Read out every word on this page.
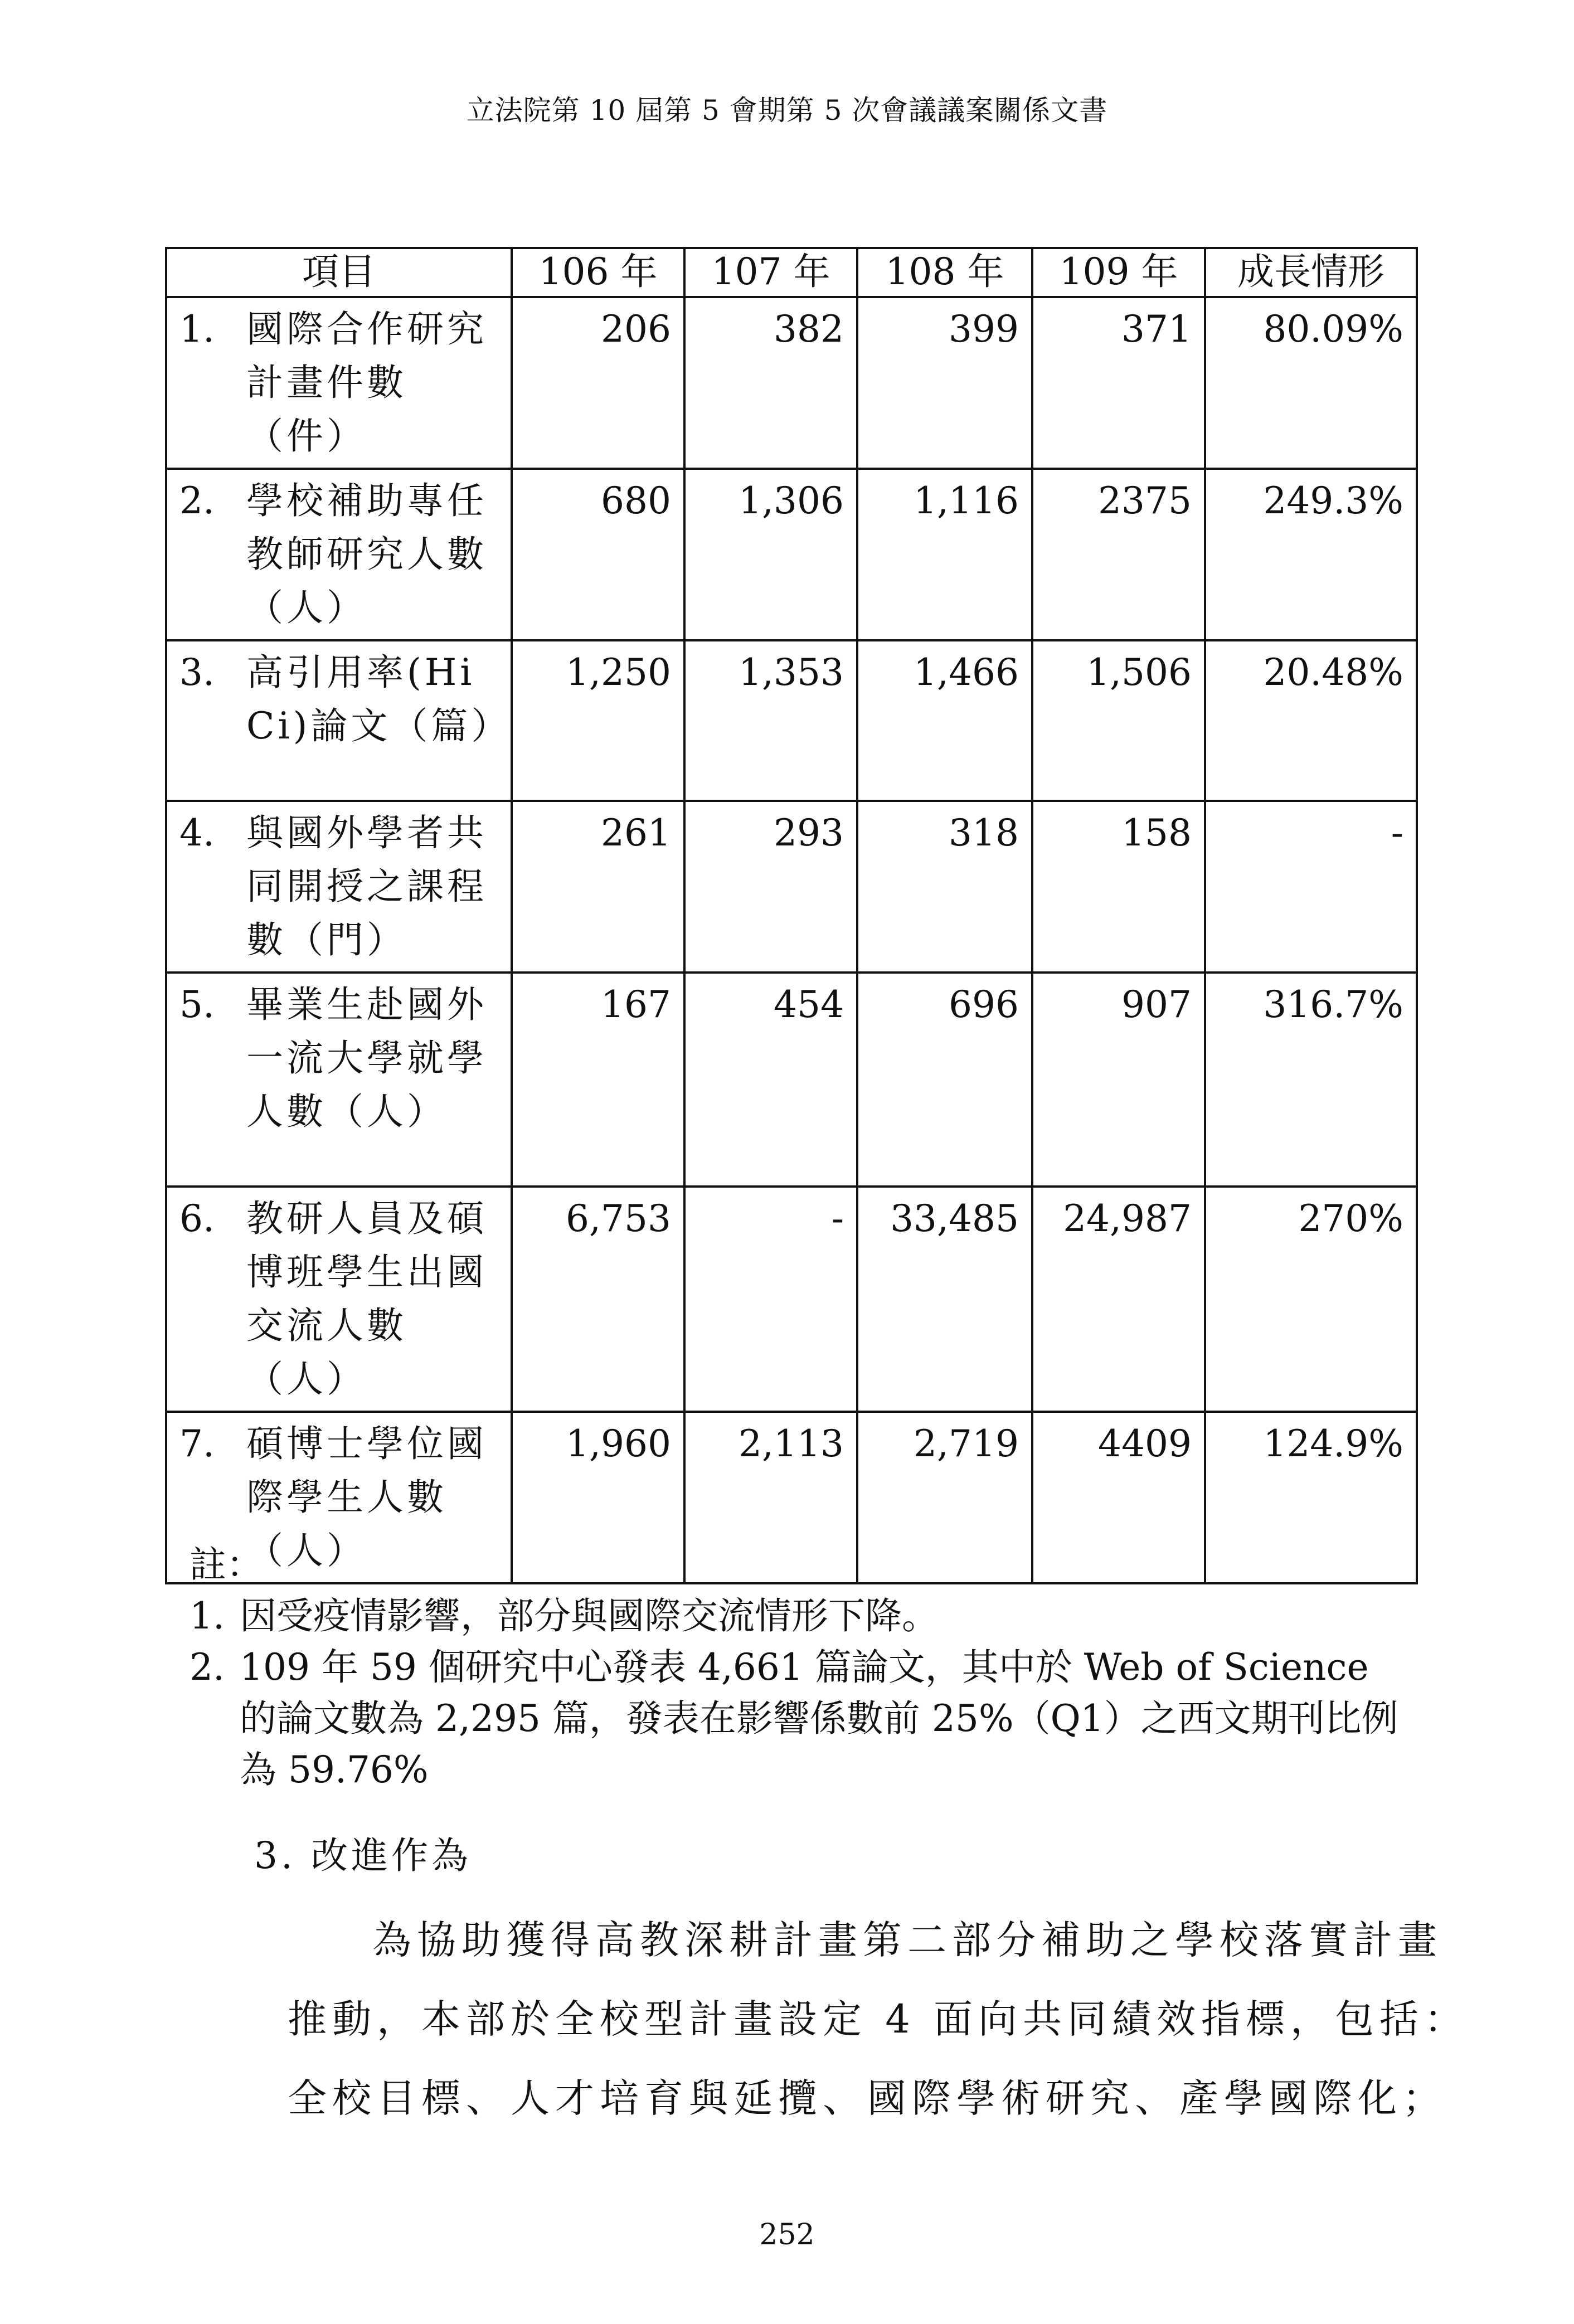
立法院第 10 屆第 5 會期第 5 次會議議案關係文書
項目	106 年	107 年	108 年	109 年	成長情形

1. 國際合作研究計畫件數（件）	206	382	399	371	80.09%

2. 學校補助專任教師研究人數（人）	680	1,306	1,116	2375	249.3%

3. 高引用率(HiCi)論文（篇）	1,250	1,353	1,466	1,506	20.48%

4. 與國外學者共同開授之課程數（門）	261	293	318	158	-

5. 畢業生赴國外一流大學就學人數（人）	167	454	696	907	316.7%

6. 教研人員及碩博班學生出國交流人數（人）	6,753	-	33,485	24,987	270%

7. 碩博士學位國際學生人數（人）	1,960	2,113	2,719	4409	124.9%
註：
1. 因受疫情影響，部分與國際交流情形下降。
2. 109 年 59 個研究中心發表 4,661 篇論文，其中於 Web of Science 的論文數為 2,295 篇，發表在影響係數前 25%（Q1）之西文期刊比例為 59.76%
3. 改進作為
為協助獲得高教深耕計畫第二部分補助之學校落實計畫
推動，本部於全校型計畫設定 4 面向共同績效指標，包括：
全校目標、人才培育與延攬、國際學術研究、產學國際化；
252
